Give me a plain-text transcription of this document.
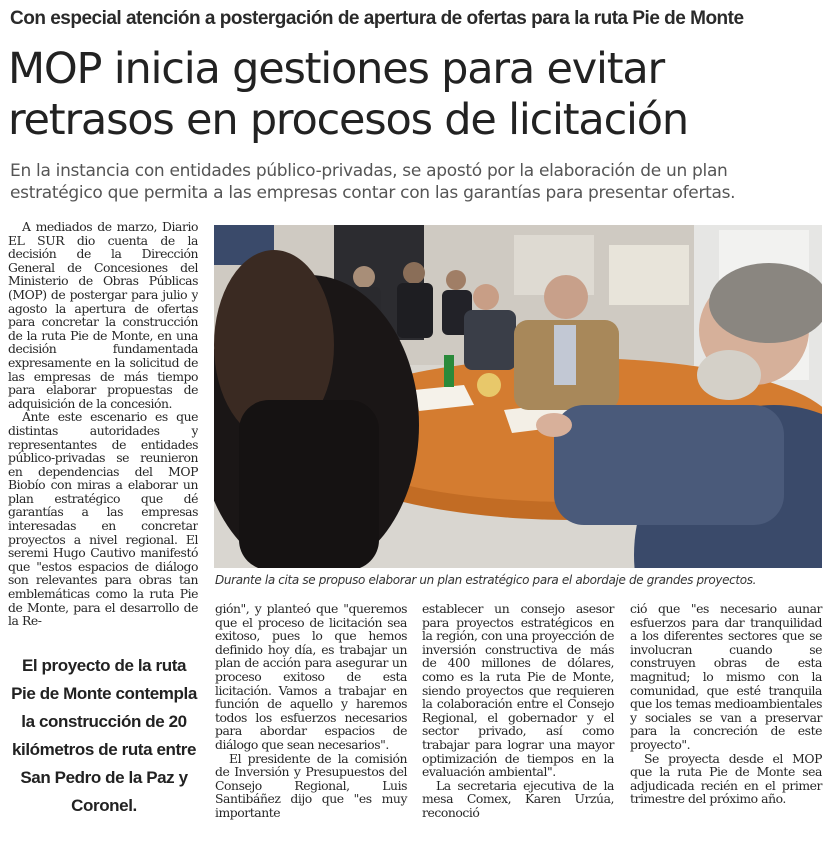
Con especial atención a postergación de apertura de ofertas para la ruta Pie de Monte
MOP inicia gestiones para evitar retrasos en procesos de licitación
En la instancia con entidades público-privadas, se apostó por la elaboración de un plan estratégico que permita a las empresas contar con las garantías para presentar ofertas.

A mediados de marzo, Diario EL SUR dio cuenta de la decisión de la Dirección General de Concesiones del Ministerio de Obras Públicas (MOP) de postergar para julio y agosto la apertura de ofertas para concretar la construcción de la ruta Pie de Monte, en una decisión fundamentada expresamente en la solicitud de las empresas de más tiempo para elaborar propuestas de adquisición de la concesión.

Ante este escenario es que distintas autoridades y representantes de entidades público-privadas se reunieron en dependencias del MOP Biobío con miras a elaborar un plan estratégico que dé garantías a las empresas interesadas en concretar proyectos a nivel regional. El seremi Hugo Cautivo manifestó que "estos espacios de diálogo son relevantes para obras tan emblemáticas como la ruta Pie de Monte, para el desarrollo de la Re-

Durante la cita se propuso elaborar un plan estratégico para el abordaje de grandes proyectos.
El proyecto de la ruta Pie de Monte contempla la construcción de 20 kilómetros de ruta entre San Pedro de la Paz y Coronel.

gión", y planteó que "queremos que el proceso de licitación sea exitoso, pues lo que hemos definido hoy día, es trabajar un plan de acción para asegurar un proceso exitoso de esta licitación. Vamos a trabajar en función de aquello y haremos todos los esfuerzos necesarios para abordar espacios de diálogo que sean necesarios".

El presidente de la comisión de Inversión y Presupuestos del Consejo Regional, Luis Santibáñez dijo que "es muy importante

establecer un consejo asesor para proyectos estratégicos en la región, con una proyección de inversión constructiva de más de 400 millones de dólares, como es la ruta Pie de Monte, siendo proyectos que requieren la colaboración entre el Consejo Regional, el gobernador y el sector privado, así como trabajar para lograr una mayor optimización de tiempos en la evaluación ambiental".

La secretaria ejecutiva de la mesa Comex, Karen Urzúa, reconoció

ció que "es necesario aunar esfuerzos para dar tranquilidad a los diferentes sectores que se involucran cuando se construyen obras de esta magnitud; lo mismo con la comunidad, que esté tranquila que los temas medioambientales y sociales se van a preservar para la concreción de este proyecto".

Se proyecta desde el MOP que la ruta Pie de Monte sea adjudicada recién en el primer trimestre del próximo año.
